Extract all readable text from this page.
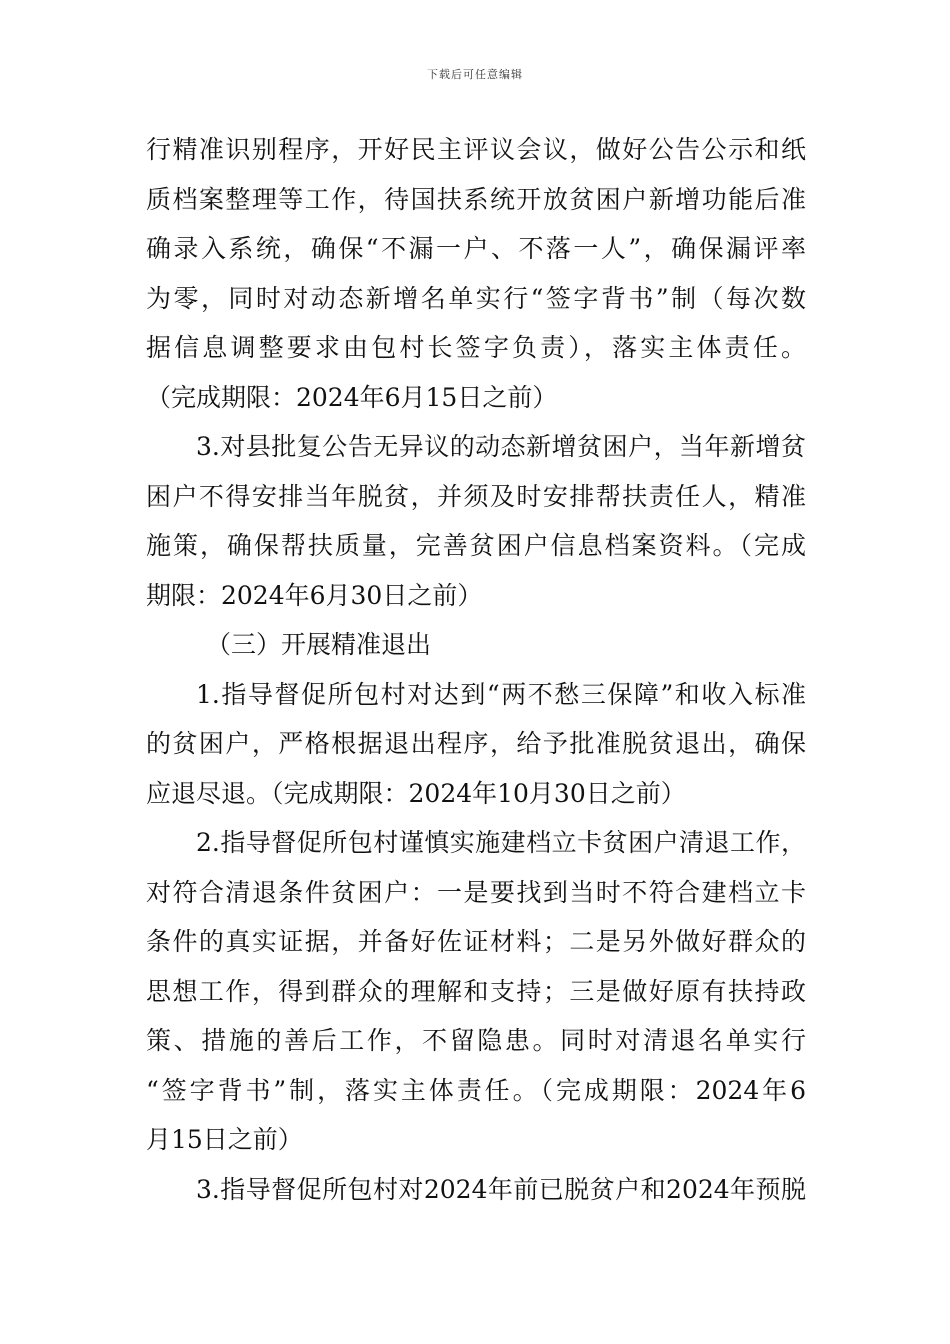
下载后可任意编辑
行精准识别程序，开好民主评议会议，做好公告公示和纸
质档案整理等工作，待国扶系统开放贫困户新增功能后准
确录入系统，确保“不漏一户、不落一人”，确保漏评率
为零，同时对动态新增名单实行“签字背书”制（每次数
据信息调整要求由包村长签字负责），落实主体责任。
（完成期限：2024年6月15日之前）
3.对县批复公告无异议的动态新增贫困户，当年新增贫
困户不得安排当年脱贫，并须及时安排帮扶责任人，精准
施策，确保帮扶质量，完善贫困户信息档案资料。（完成
期限：2024年6月30日之前）
（三）开展精准退出
1.指导督促所包村对达到“两不愁三保障”和收入标准
的贫困户，严格根据退出程序，给予批准脱贫退出，确保
应退尽退。（完成期限：2024年10月30日之前）
2.指导督促所包村谨慎实施建档立卡贫困户清退工作，
对符合清退条件贫困户：一是要找到当时不符合建档立卡
条件的真实证据，并备好佐证材料；二是另外做好群众的
思想工作，得到群众的理解和支持；三是做好原有扶持政
策、措施的善后工作，不留隐患。同时对清退名单实行
“签字背书”制，落实主体责任。（完成期限：2024年6
月15日之前）
3.指导督促所包村对2024年前已脱贫户和2024年预脱
